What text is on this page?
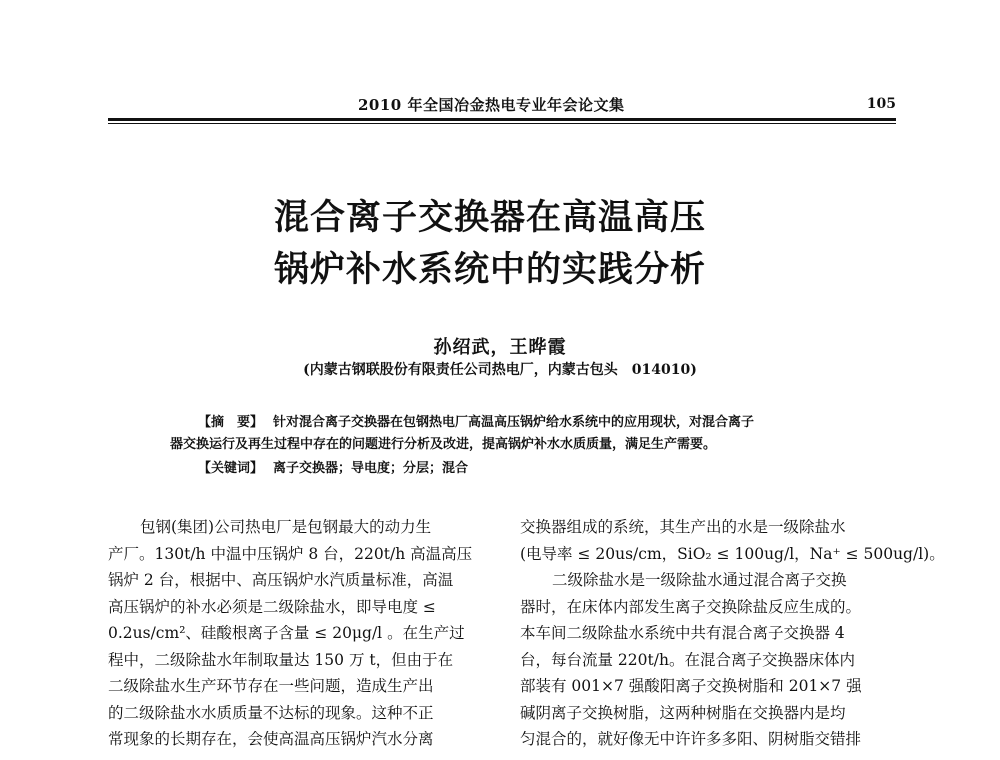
2010 年全国冶金热电专业年会论文集	105
混合离子交换器在高温高压
锅炉补水系统中的实践分析
孙绍武，王晔霞
(内蒙古钢联股份有限责任公司热电厂，内蒙古包头 014010)
【摘　要】 针对混合离子交换器在包钢热电厂高温高压锅炉给水系统中的应用现状，对混合离子
器交换运行及再生过程中存在的问题进行分析及改进，提高锅炉补水水质质量，满足生产需要。
【关键词】 离子交换器；导电度；分层；混合

包钢(集团)公司热电厂是包钢最大的动力生

产厂。130t/h 中温中压锅炉 8 台，220t/h 高温高压

锅炉 2 台，根据中、高压锅炉水汽质量标准，高温

高压锅炉的补水必须是二级除盐水，即导电度 ≤

0.2us/cm²、硅酸根离子含量 ≤ 20μg/l 。在生产过

程中，二级除盐水年制取量达 150 万 t，但由于在

二级除盐水生产环节存在一些问题，造成生产出

的二级除盐水水质质量不达标的现象。这种不正

常现象的长期存在，会使高温高压锅炉汽水分离

交换器组成的系统，其生产出的水是一级除盐水

(电导率 ≤ 20us/cm，SiO₂ ≤ 100ug/l，Na⁺ ≤ 500ug/l)。

二级除盐水是一级除盐水通过混合离子交换

器时，在床体内部发生离子交换除盐反应生成的。

本车间二级除盐水系统中共有混合离子交换器 4

台，每台流量 220t/h。在混合离子交换器床体内

部装有 001×7 强酸阳离子交换树脂和 201×7 强

碱阴离子交换树脂，这两种树脂在交换器内是均

匀混合的，就好像无中许许多多阳、阴树脂交错排
